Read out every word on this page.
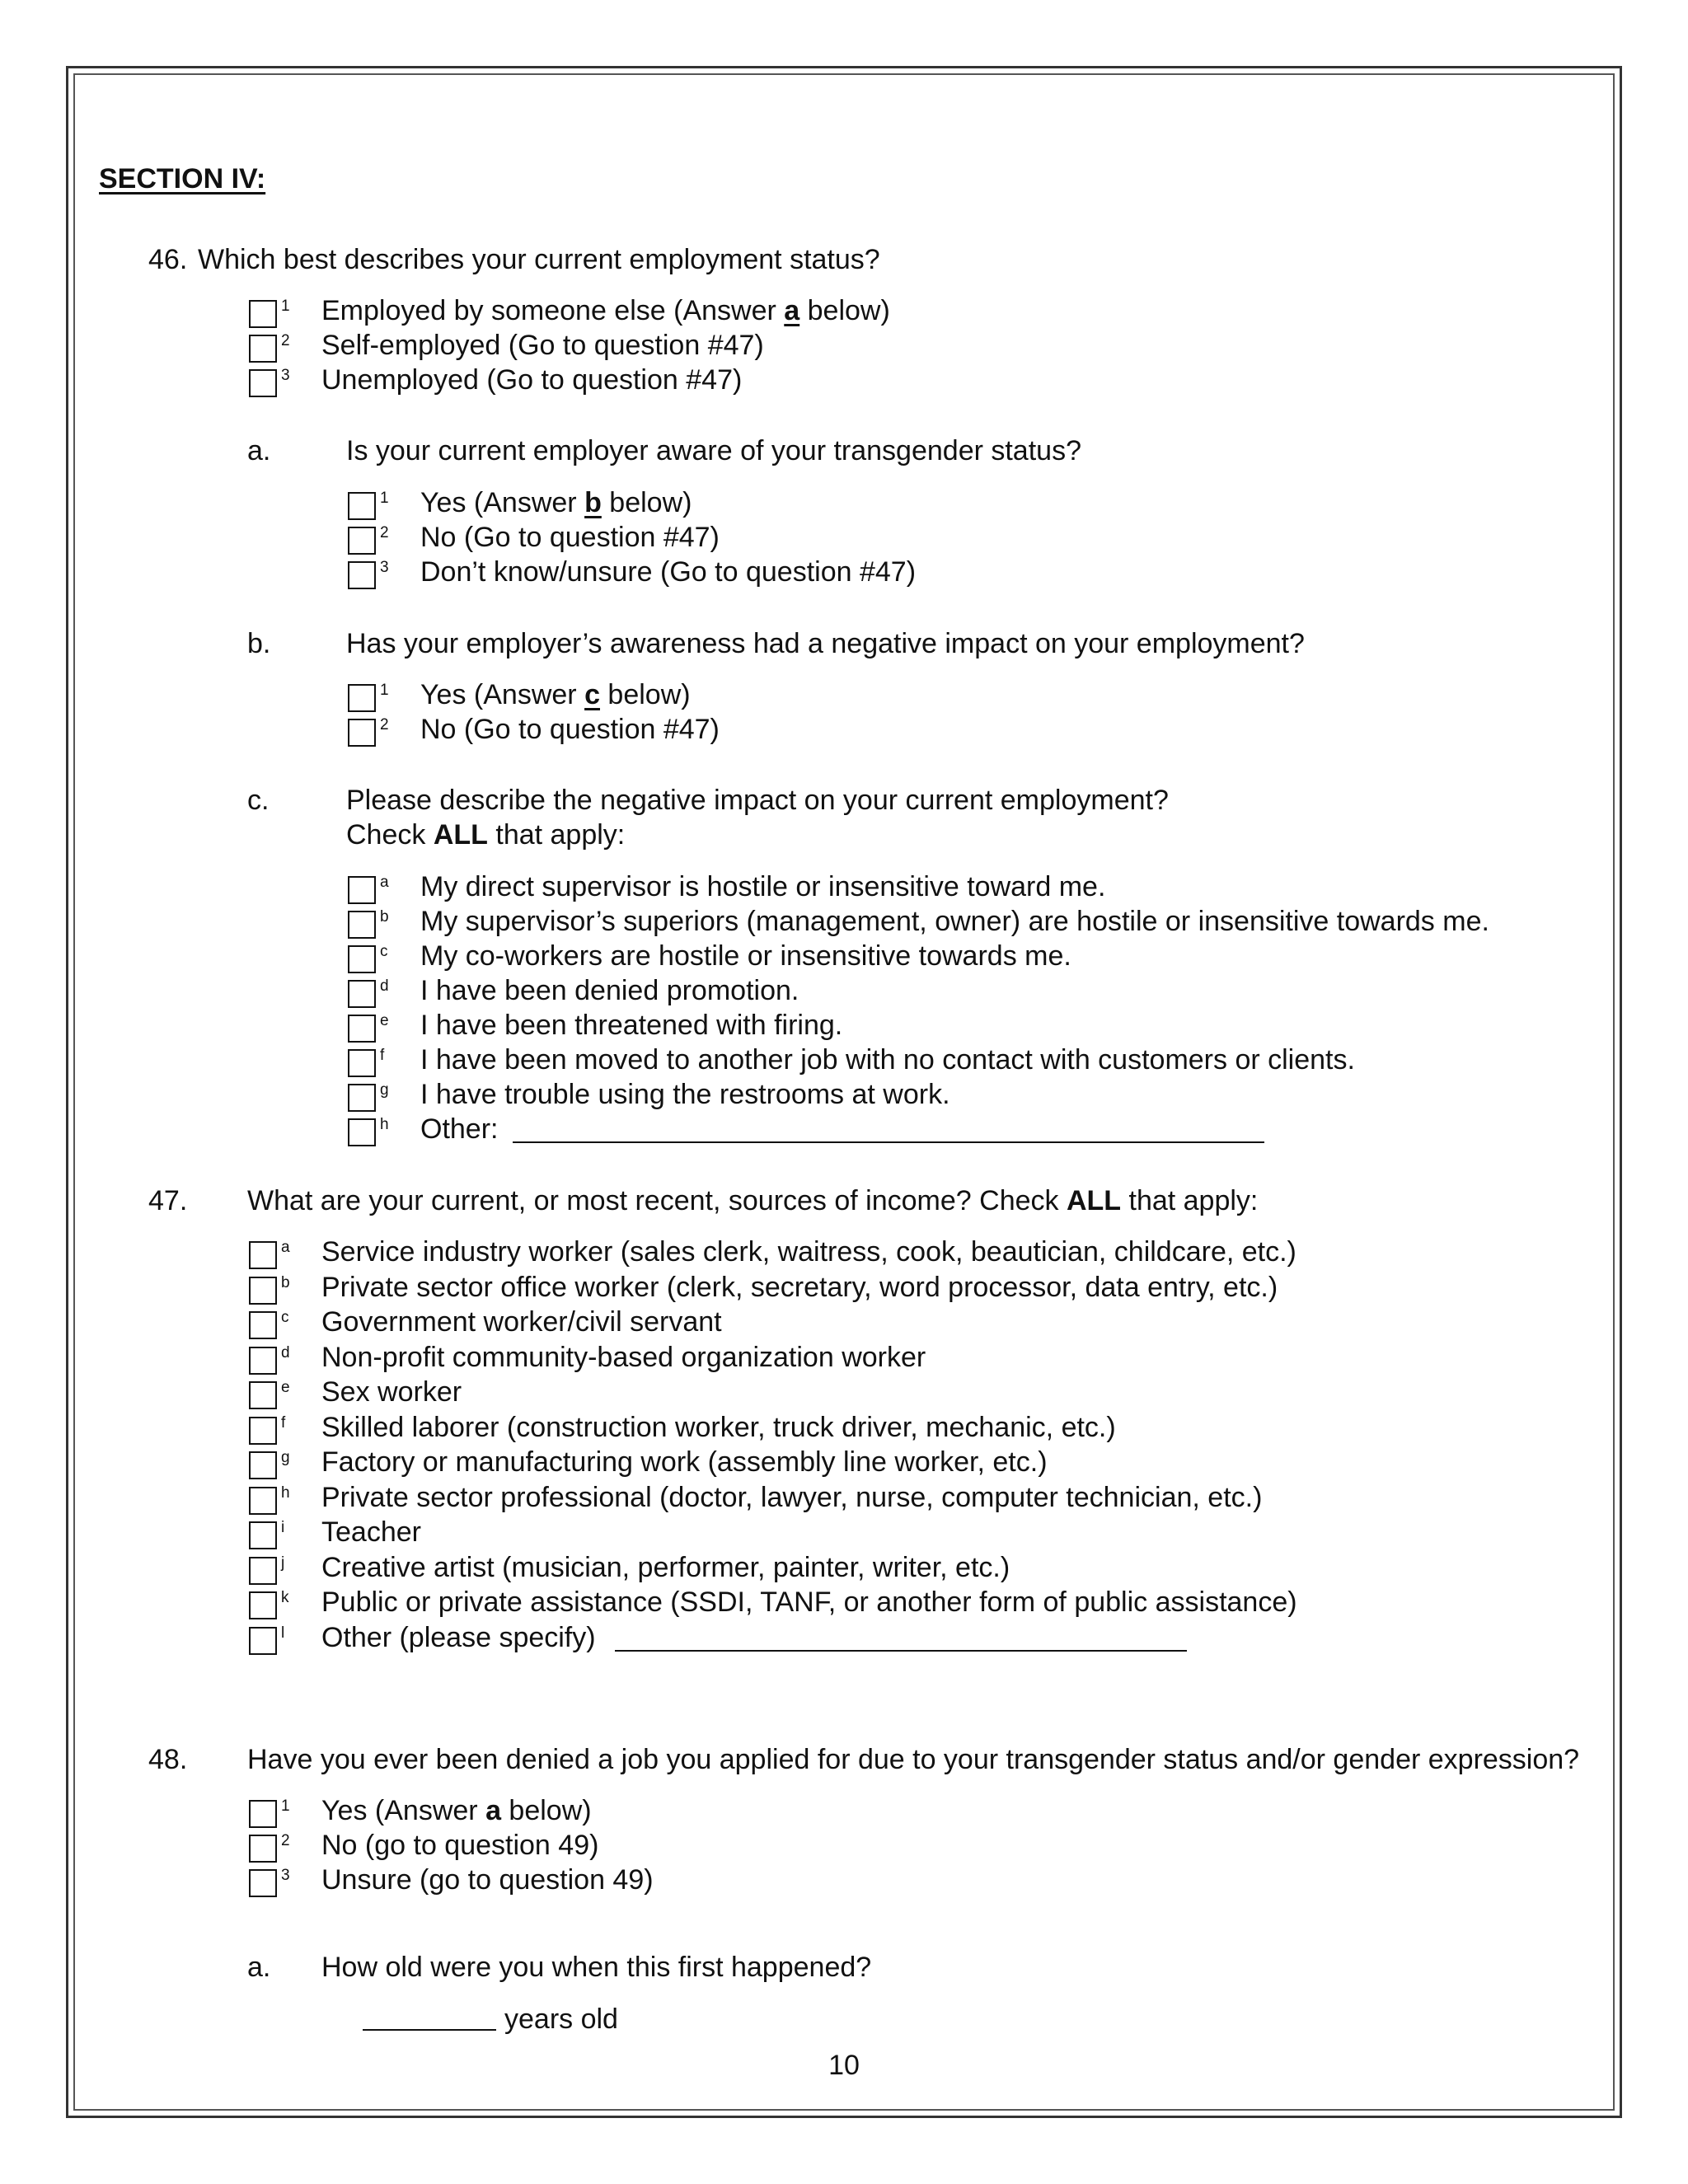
SECTION IV:
46. Which best describes your current employment status?
1 Employed by someone else (Answer a below)
2 Self-employed (Go to question #47)
3 Unemployed (Go to question #47)
a.	Is your current employer aware of your transgender status?
1 Yes (Answer b below)
2 No (Go to question #47)
3 Don’t know/unsure (Go to question #47)
b.	Has your employer’s awareness had a negative impact on your employment?
1 Yes (Answer c below)
2 No (Go to question #47)
c.	Please describe the negative impact on your current employment?
Check ALL that apply:
a My direct supervisor is hostile or insensitive toward me.
b My supervisor’s superiors (management, owner) are hostile or insensitive towards me.
c My co-workers are hostile or insensitive towards me.
d I have been denied promotion.
e I have been threatened with firing.
f I have been moved to another job with no contact with customers or clients.
g I have trouble using the restrooms at work.
h Other:
47. What are your current, or most recent, sources of income? Check ALL that apply:
a Service industry worker (sales clerk, waitress, cook, beautician, childcare, etc.)
b Private sector office worker (clerk, secretary, word processor, data entry, etc.)
c Government worker/civil servant
d Non-profit community-based organization worker
e Sex worker
f Skilled laborer (construction worker, truck driver, mechanic, etc.)
g Factory or manufacturing work (assembly line worker, etc.)
h Private sector professional (doctor, lawyer, nurse, computer technician, etc.)
i Teacher
j Creative artist (musician, performer, painter, writer, etc.)
k Public or private assistance (SSDI, TANF, or another form of public assistance)
l Other (please specify)
48. Have you ever been denied a job you applied for due to your transgender status and/or gender expression?
1 Yes (Answer a below)
2 No (go to question 49)
3 Unsure (go to question 49)
a. How old were you when this first happened?
years old
10
